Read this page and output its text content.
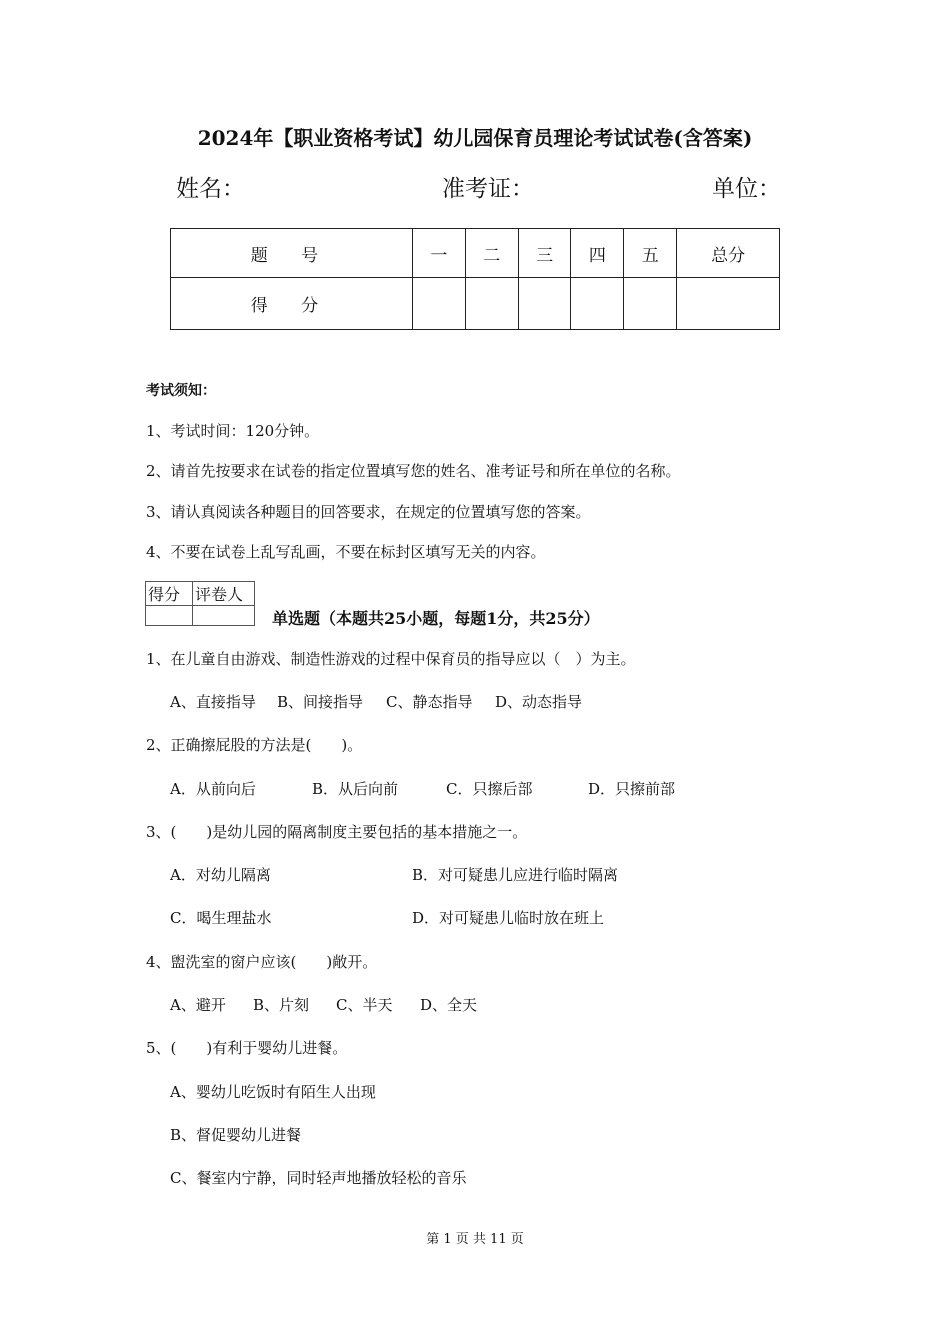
2024年【职业资格考试】幼儿园保育员理论考试试卷(含答案)
姓名：	准考证：	单位：
题 号	一	二	三	四	五	总分
得 分						
考试须知：
1、考试时间：120分钟。
2、请首先按要求在试卷的指定位置填写您的姓名、准考证号和所在单位的名称。
3、请认真阅读各种题目的回答要求，在规定的位置填写您的答案。
4、不要在试卷上乱写乱画，不要在标封区填写无关的内容。
得分	评卷人

单选题（本题共25小题，每题1分，共25分）
1、在儿童自由游戏、制造性游戏的过程中保育员的指导应以（　）为主。
A、直接指导 B、间接指导 C、静态指导 D、动态指导
2、正确擦屁股的方法是(　　)。
A．从前向后	B．从后向前	C．只擦后部	D．只擦前部
3、(　　)是幼儿园的隔离制度主要包括的基本措施之一。
A．对幼儿隔离	B．对可疑患儿应进行临时隔离
C．喝生理盐水	D．对可疑患儿临时放在班上
4、盥洗室的窗户应该(　　)敞开。
A、避开 B、片刻 C、半天 D、全天
5、(　　)有利于婴幼儿进餐。
A、婴幼儿吃饭时有陌生人出现
B、督促婴幼儿进餐
C、餐室内宁静，同时轻声地播放轻松的音乐
第 1 页 共 11 页
